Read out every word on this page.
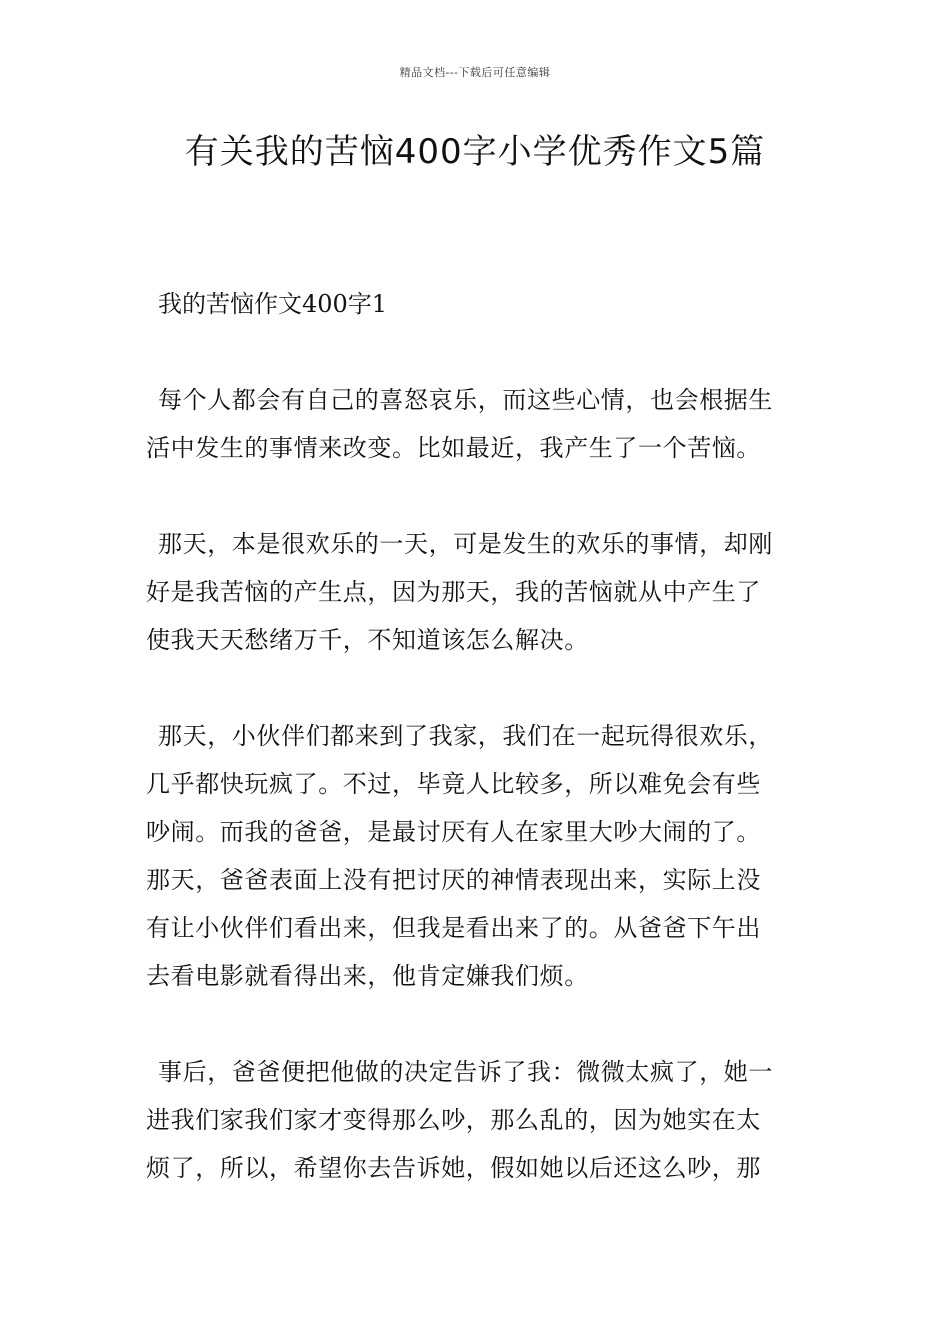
精品文档---下载后可任意编辑
有关我的苦恼400字小学优秀作文5篇

我的苦恼作文400字1

每个人都会有自己的喜怒哀乐，而这些心情，也会根据生
活中发生的事情来改变。比如最近，我产生了一个苦恼。
那天，本是很欢乐的一天，可是发生的欢乐的事情，却刚
好是我苦恼的产生点，因为那天，我的苦恼就从中产生了
使我天天愁绪万千，不知道该怎么解决。
那天，小伙伴们都来到了我家，我们在一起玩得很欢乐，
几乎都快玩疯了。不过，毕竟人比较多，所以难免会有些
吵闹。而我的爸爸，是最讨厌有人在家里大吵大闹的了。
那天，爸爸表面上没有把讨厌的神情表现出来，实际上没
有让小伙伴们看出来，但我是看出来了的。从爸爸下午出
去看电影就看得出来，他肯定嫌我们烦。
事后，爸爸便把他做的决定告诉了我：微微太疯了，她一
进我们家我们家才变得那么吵，那么乱的，因为她实在太
烦了，所以，希望你去告诉她，假如她以后还这么吵，那
